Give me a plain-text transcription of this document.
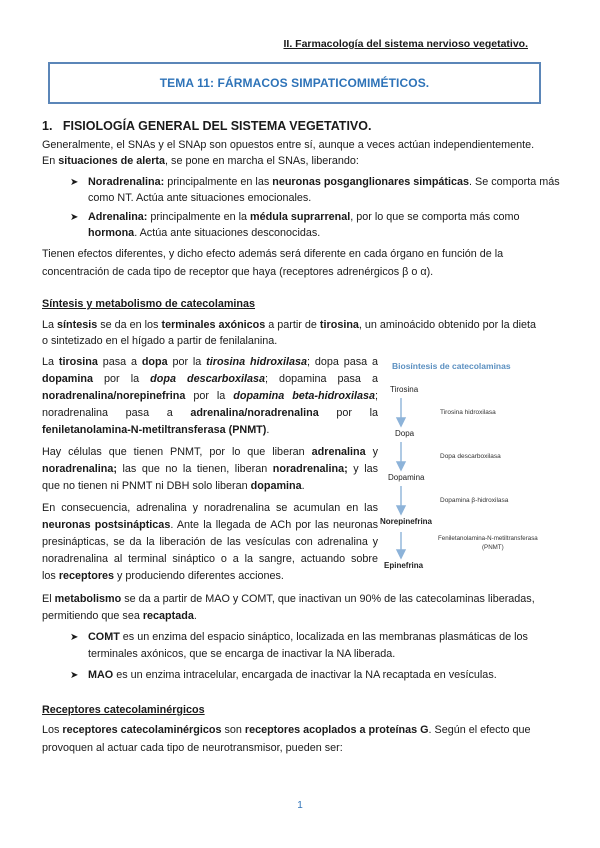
II. Farmacología del sistema nervioso vegetativo.
TEMA 11: FÁRMACOS SIMPATICOMIMÉTICOS.
1. FISIOLOGÍA GENERAL DEL SISTEMA VEGETATIVO.
Generalmente, el SNAs y el SNAp son opuestos entre sí, aunque a veces actúan independientemente.
En situaciones de alerta, se pone en marcha el SNAs, liberando:
➤ Noradrenalina: principalmente en las neuronas posganglionares simpáticas. Se comporta más
como NT. Actúa ante situaciones emocionales.
➤ Adrenalina: principalmente en la médula suprarrenal, por lo que se comporta más como
hormona. Actúa ante situaciones desconocidas.
Tienen efectos diferentes, y dicho efecto además será diferente en cada órgano en función de la
concentración de cada tipo de receptor que haya (receptores adrenérgicos β o α).
Síntesis y metabolismo de catecolaminas
La síntesis se da en los terminales axónicos a partir de tirosina, un aminoácido obtenido por la dieta
o sintetizado en el hígado a partir de fenilalanina.
La tirosina pasa a dopa por la tirosina hidroxilasa; dopa pasa a
dopamina por la dopa descarboxilasa; dopamina pasa a
noradrenalina/norepinefrina por la dopamina beta-hidroxilasa;
noradrenalina pasa a adrenalina/noradrenalina por la
feniletanolamina-N-metiltransferasa (PNMT).
Hay células que tienen PNMT, por lo que liberan adrenalina y
noradrenalina; las que no la tienen, liberan noradrenalina; y las
que no tienen ni PNMT ni DBH solo liberan dopamina.
En consecuencia, adrenalina y noradrenalina se acumulan en las
neuronas postsinápticas. Ante la llegada de ACh por las neuronas
presinápticas, se da la liberación de las vesículas con adrenalina y
noradrenalina al terminal sináptico o a la sangre, actuando sobre
los receptores y produciendo diferentes acciones.
El metabolismo se da a partir de MAO y COMT, que inactivan un 90% de las catecolaminas liberadas,
permitiendo que sea recaptada.
➤ COMT es un enzima del espacio sináptico, localizada en las membranas plasmáticas de los
terminales axónicos, que se encarga de inactivar la NA liberada.
➤ MAO es un enzima intracelular, encargada de inactivar la NA recaptada en vesículas.
Receptores catecolaminérgicos
Los receptores catecolaminérgicos son receptores acoplados a proteínas G. Según el efecto que
provoquen al actuar cada tipo de neurotransmisor, pueden ser:
Biosíntesis de catecolaminas
Tirosina
Dopa
Dopamina
Norepinefrina
Epinefrina
Tirosina hidroxilasa
Dopa descarboxilasa
Dopamina β-hidroxilasa
Feniletanolamina-N-metiltransferasa
(PNMT)
1
